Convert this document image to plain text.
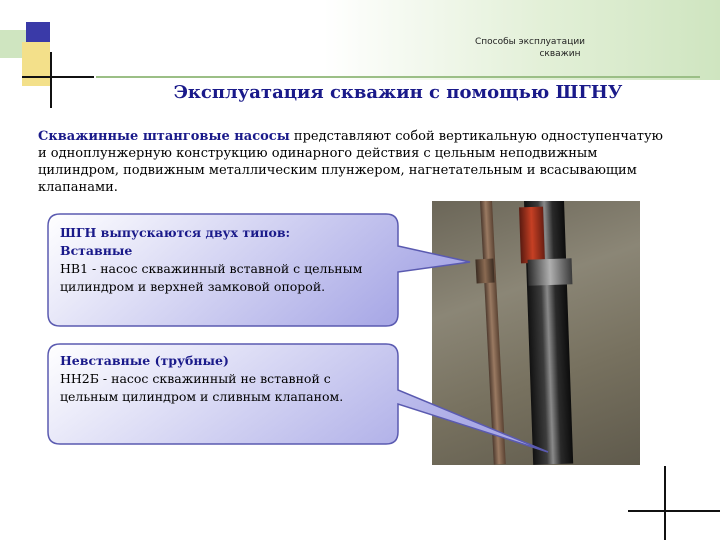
Способы эксплуатации
скважин
Эксплуатация скважин с помощью ШГНУ
Скважинные штанговые насосы представляют собой вертикальную одноступенчатую и одноплунжерную конструкцию одинарного действия с цельным неподвижным цилиндром, подвижным металлическим плунжером, нагнетательным и всасывающим клапанами.
ШГН выпускаются двух типов:
Вставные
НВ1 - насос скважинный вставной с цельным цилиндром и верхней замковой опорой.
Невставные (трубные)
НН2Б - насос скважинный не вставной с цельным цилиндром и сливным клапаном.
